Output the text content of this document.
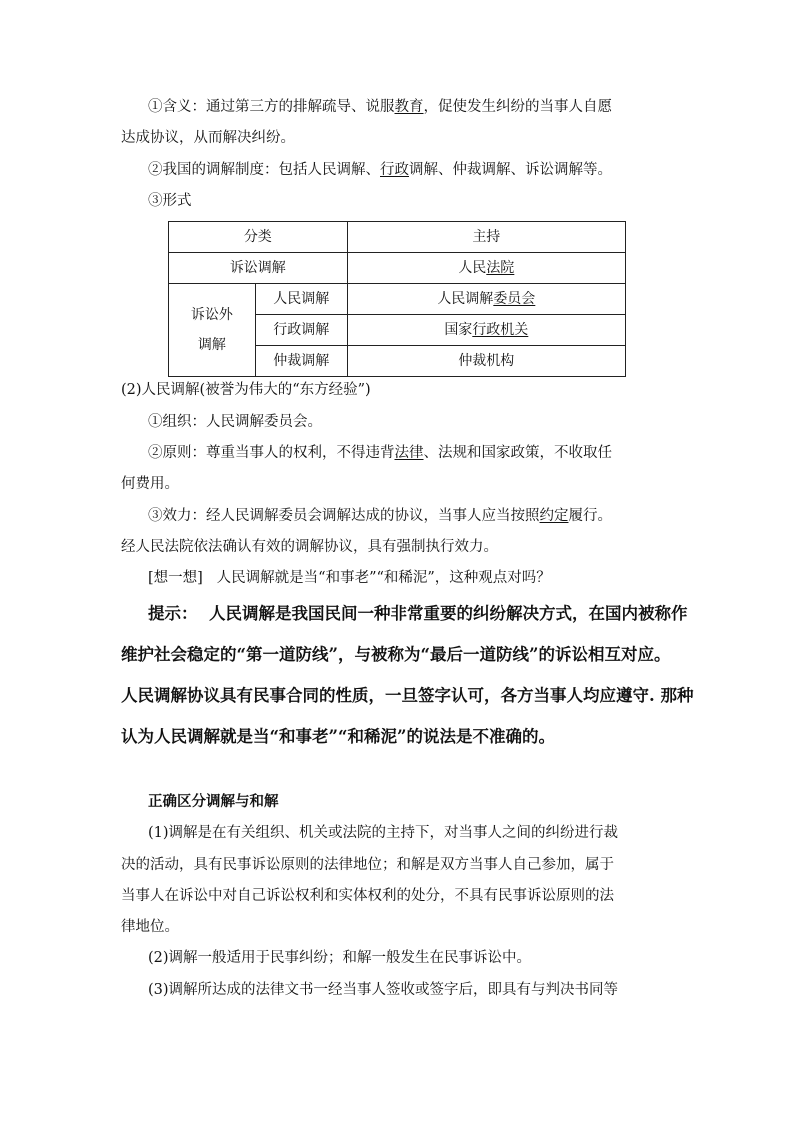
①含义：通过第三方的排解疏导、说服教育，促使发生纠纷的当事人自愿
达成协议，从而解决纠纷。
②我国的调解制度：包括人民调解、行政调解、仲裁调解、诉讼调解等。
③形式
分类		主持
诉讼调解		人民法院

诉讼外
调解	人民调解	人民调解委员会
	行政调解	国家行政机关
	仲裁调解	仲裁机构
(2)人民调解(被誉为伟大的“东方经验”)
①组织：人民调解委员会。
②原则：尊重当事人的权利，不得违背法律、法规和国家政策，不收取任
何费用。
③效力：经人民调解委员会调解达成的协议，当事人应当按照约定履行。
经人民法院依法确认有效的调解协议，具有强制执行效力。
[想一想] 人民调解就是当“和事老”“和稀泥”，这种观点对吗？
提示： 人民调解是我国民间一种非常重要的纠纷解决方式，在国内被称作
维护社会稳定的“第一道防线”，与被称为“最后一道防线”的诉讼相互对应。
人民调解协议具有民事合同的性质，一旦签字认可，各方当事人均应遵守. 那种
认为人民调解就是当“和事老”“和稀泥”的说法是不准确的。
正确区分调解与和解
(1)调解是在有关组织、机关或法院的主持下，对当事人之间的纠纷进行裁
决的活动，具有民事诉讼原则的法律地位；和解是双方当事人自己参加，属于
当事人在诉讼中对自己诉讼权利和实体权利的处分，不具有民事诉讼原则的法
律地位。
(2)调解一般适用于民事纠纷；和解一般发生在民事诉讼中。
(3)调解所达成的法律文书一经当事人签收或签字后，即具有与判决书同等
